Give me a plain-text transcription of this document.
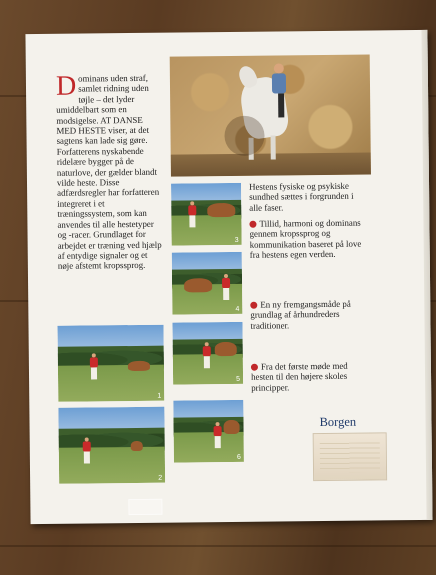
D ominans uden straf, samlet ridning uden tøjle – det lyder umiddelbart som en modsigelse. AT DANSE MED HESTE viser, at det sagtens kan lade sig gøre. Forfatterens nyskabende ridelære bygger på de naturlove, der gælder blandt vilde heste. Disse adfærdsregler har forfatteren integreret i et træningssystem, som kan anvendes til alle hestetyper og -racer. Grundlaget for arbejdet er træning ved hjælp af entydige signaler og et nøje afstemt kropssprog.
3
4
5
6
1
2
Hestens fysiske og psykiske sundhed sættes i forgrunden i alle faser.
Tillid, harmoni og dominans gennem kropssprog og kommunikation baseret på love fra hestens egen verden.
En ny fremgangsmåde på grundlag af århundreders traditioner.
Fra det første møde med hesten til den højere skoles principper.
Borgen
